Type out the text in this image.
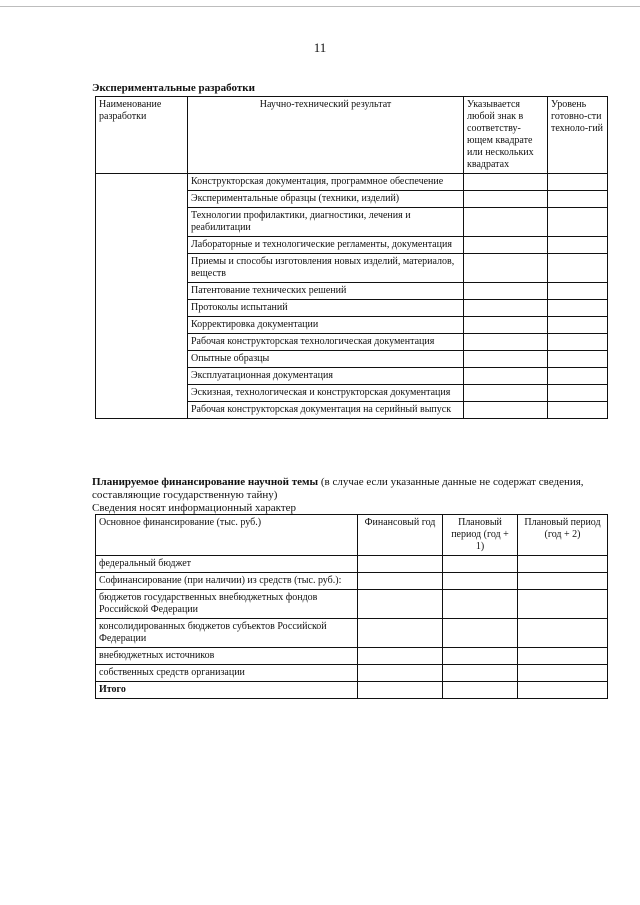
11
Экспериментальные разработки
Наименование разработки	Научно-технический результат	Указывается любой знак в соответству-ющем квадрате или нескольких квадратах	Уровень готовно-сти техноло-гий
	Конструкторская документация, программное обеспечение		
	Экспериментальные образцы (техники, изделий)		
	Технологии профилактики, диагностики, лечения и реабилитации		
	Лабораторные и технологические регламенты, документация		
	Приемы и способы изготовления новых изделий, материалов, веществ		
	Патентование технических решений		
	Протоколы испытаний		
	Корректировка документации		
	Рабочая конструкторская технологическая документация		
	Опытные образцы		
	Эксплуатационная документация		
	Эскизная, технологическая и конструкторская документация		
	Рабочая конструкторская документация на серийный выпуск		
Планируемое финансирование научной темы (в случае если указанные данные не содержат сведения, составляющие государственную тайну)
Сведения носят информационный характер
Основное финансирование (тыс. руб.)	Финансовый год	Плановый период (год + 1)	Плановый период (год + 2)
федеральный бюджет			
Софинансирование (при наличии) из средств (тыс. руб.):			
бюджетов государственных внебюджетных фондов Российской Федерации			
консолидированных бюджетов субъектов Российской Федерации			
внебюджетных источников			
собственных средств организации			
Итого			
